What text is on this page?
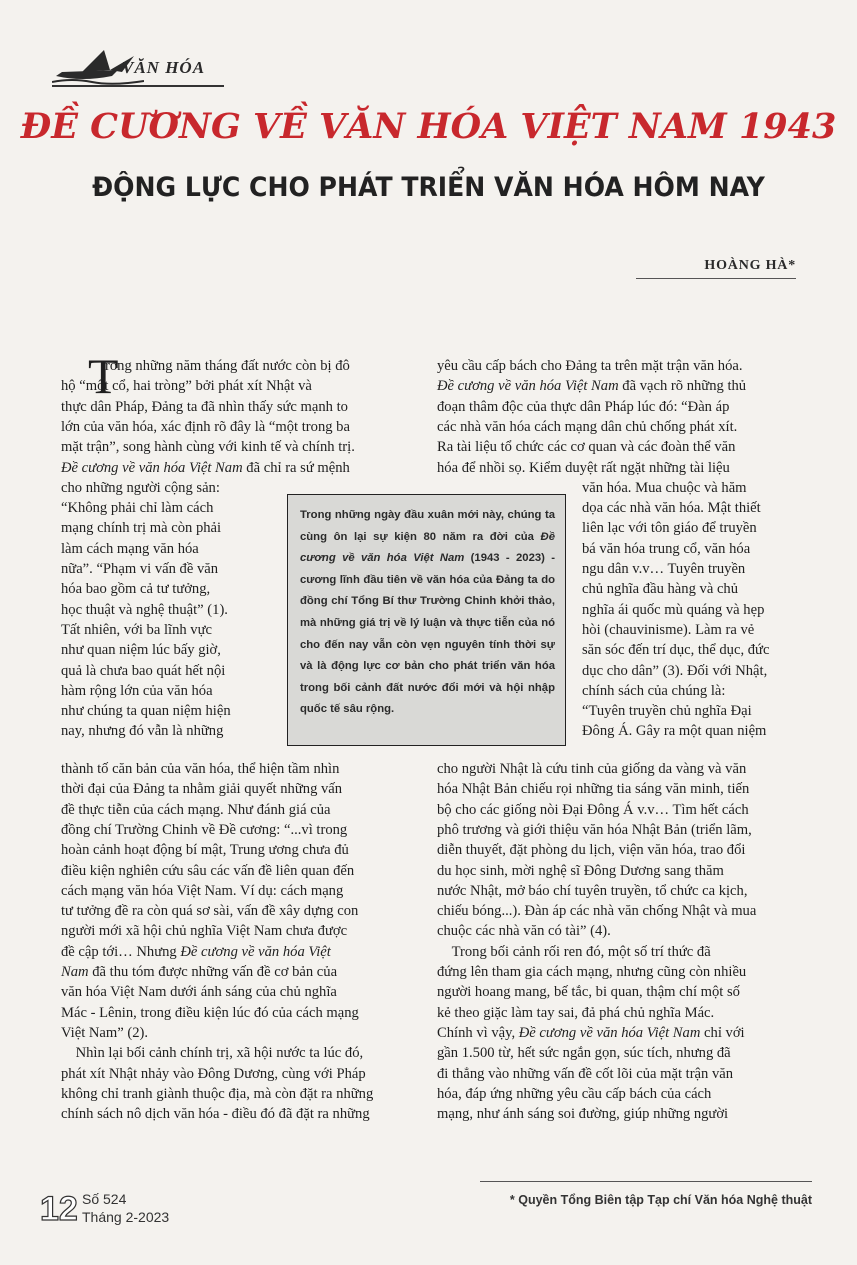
VĂN HÓA
ĐỀ CƯƠNG VỀ VĂN HÓA VIỆT NAM 1943
ĐỘNG LỰC CHO PHÁT TRIỂN VĂN HÓA HÔM NAY
HOÀNG HÀ*
T
rong những năm tháng đất nước còn bị đô
hộ “một cổ, hai tròng” bởi phát xít Nhật và
thực dân Pháp, Đảng ta đã nhìn thấy sức mạnh to
lớn của văn hóa, xác định rõ đây là “một trong ba
mặt trận”, song hành cùng với kinh tế và chính trị.
Đề cương về văn hóa Việt Nam đã chỉ ra sứ mệnh
cho những người cộng sản:
“Không phải chỉ làm cách
mạng chính trị mà còn phải
làm cách mạng văn hóa
nữa”. “Phạm vi vấn đề văn
hóa bao gồm cả tư tưởng,
học thuật và nghệ thuật” (1).
Tất nhiên, với ba lĩnh vực
như quan niệm lúc bấy giờ,
quả là chưa bao quát hết nội
hàm rộng lớn của văn hóa
như chúng ta quan niệm hiện
nay, nhưng đó vẫn là những
thành tố căn bản của văn hóa, thể hiện tầm nhìn
thời đại của Đảng ta nhằm giải quyết những vấn
đề thực tiễn của cách mạng. Như đánh giá của
đồng chí Trường Chinh về Đề cương: “...vì trong
hoàn cảnh hoạt động bí mật, Trung ương chưa đủ
điều kiện nghiên cứu sâu các vấn đề liên quan đến
cách mạng văn hóa Việt Nam. Ví dụ: cách mạng
tư tưởng đề ra còn quá sơ sài, vấn đề xây dựng con
người mới xã hội chủ nghĩa Việt Nam chưa được
đề cập tới… Nhưng Đề cương về văn hóa Việt
Nam đã thu tóm được những vấn đề cơ bản của
văn hóa Việt Nam dưới ánh sáng của chủ nghĩa
Mác - Lênin, trong điều kiện lúc đó của cách mạng
Việt Nam” (2).
 Nhìn lại bối cảnh chính trị, xã hội nước ta lúc đó,
phát xít Nhật nhảy vào Đông Dương, cùng với Pháp
không chỉ tranh giành thuộc địa, mà còn đặt ra những
chính sách nô dịch văn hóa - điều đó đã đặt ra những
yêu cầu cấp bách cho Đảng ta trên mặt trận văn hóa.
Đề cương về văn hóa Việt Nam đã vạch rõ những thủ
đoạn thâm độc của thực dân Pháp lúc đó: “Đàn áp
các nhà văn hóa cách mạng dân chủ chống phát xít.
Ra tài liệu tổ chức các cơ quan và các đoàn thể văn
hóa để nhồi sọ. Kiểm duyệt rất ngặt những tài liệu
văn hóa. Mua chuộc và hăm
dọa các nhà văn hóa. Mật thiết
liên lạc với tôn giáo để truyền
bá văn hóa trung cổ, văn hóa
ngu dân v.v… Tuyên truyền
chủ nghĩa đầu hàng và chủ
nghĩa ái quốc mù quáng và hẹp
hòi (chauvinisme). Làm ra vẻ
săn sóc đến trí dục, thể dục, đức
dục cho dân” (3). Đối với Nhật,
chính sách của chúng là:
“Tuyên truyền chủ nghĩa Đại
Đông Á. Gây ra một quan niệm
cho người Nhật là cứu tinh của giống da vàng và văn
hóa Nhật Bản chiếu rọi những tia sáng văn minh, tiến
bộ cho các giống nòi Đại Đông Á v.v… Tìm hết cách
phô trương và giới thiệu văn hóa Nhật Bản (triển lãm,
diễn thuyết, đặt phòng du lịch, viện văn hóa, trao đổi
du học sinh, mời nghệ sĩ Đông Dương sang thăm
nước Nhật, mở báo chí tuyên truyền, tổ chức ca kịch,
chiếu bóng...). Đàn áp các nhà văn chống Nhật và mua
chuộc các nhà văn có tài” (4).
 Trong bối cảnh rối ren đó, một số trí thức đã
đứng lên tham gia cách mạng, nhưng cũng còn nhiều
người hoang mang, bế tắc, bi quan, thậm chí một số
kẻ theo giặc làm tay sai, đả phá chủ nghĩa Mác.
Chính vì vậy, Đề cương về văn hóa Việt Nam chỉ với
gần 1.500 từ, hết sức ngắn gọn, súc tích, nhưng đã
đi thẳng vào những vấn đề cốt lõi của mặt trận văn
hóa, đáp ứng những yêu cầu cấp bách của cách
mạng, như ánh sáng soi đường, giúp những người
Trong những ngày đầu xuân mới này, chúng ta cùng ôn lại sự kiện 80 năm ra đời của Đề cương về văn hóa Việt Nam (1943 - 2023) - cương lĩnh đầu tiên về văn hóa của Đảng ta do đồng chí Tổng Bí thư Trường Chinh khởi thảo, mà những giá trị về lý luận và thực tiễn của nó cho đến nay vẫn còn vẹn nguyên tính thời sự và là động lực cơ bản cho phát triển văn hóa trong bối cảnh đất nước đổi mới và hội nhập quốc tế sâu rộng.
* Quyền Tổng Biên tập Tạp chí Văn hóa Nghệ thuật
12 Số 524
Tháng 2-2023
